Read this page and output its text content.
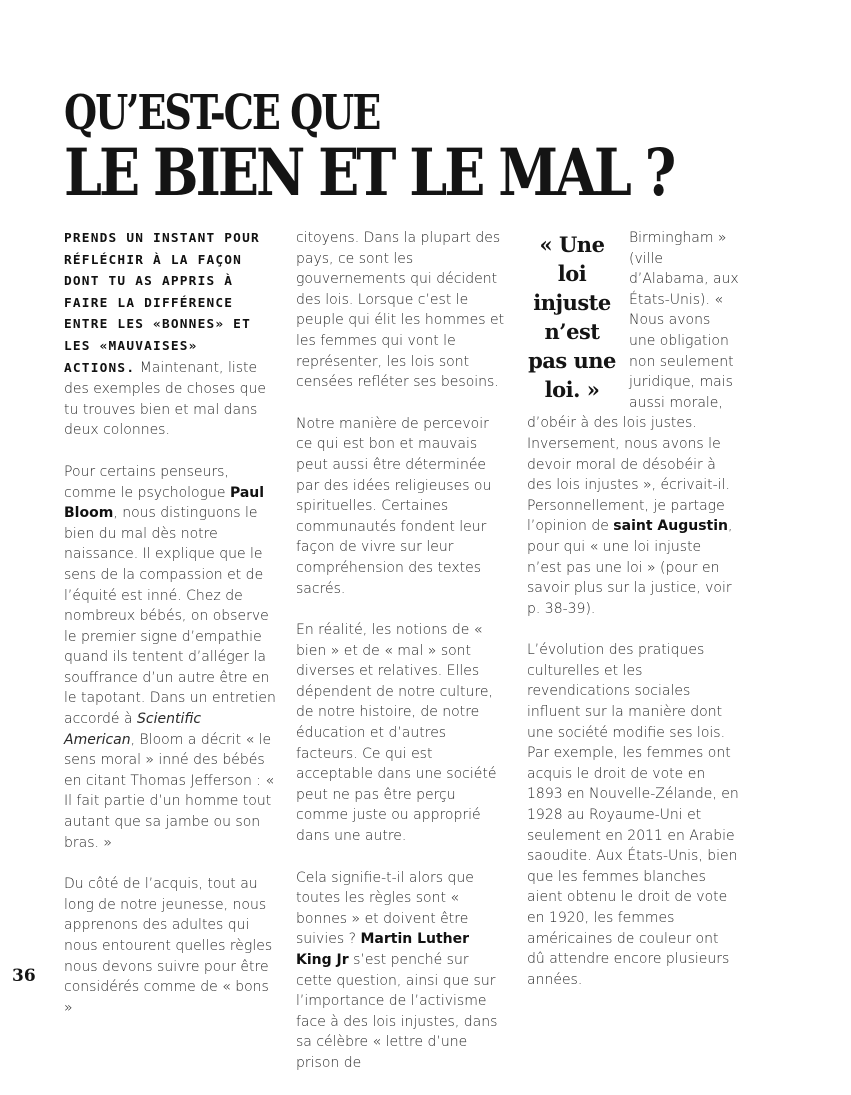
QU’EST-CE QUE
LE BIEN ET LE MAL ?

PRENDS UN INSTANT POUR RÉFLÉCHIR À LA FAÇON DONT TU AS APPRIS À FAIRE LA DIFFÉRENCE ENTRE LES «BONNES» ET LES «MAUVAISES» ACTIONS. Maintenant, liste des exemples de choses que tu trouves bien et mal dans deux colonnes.

Pour certains penseurs, comme le psychologue Paul Bloom, nous distinguons le bien du mal dès notre naissance. Il explique que le sens de la compassion et de l’équité est inné. Chez de nombreux bébés, on observe le premier signe d’empathie quand ils tentent d’alléger la souffrance d’un autre être en le tapotant. Dans un entretien accordé à Scientific American, Bloom a décrit « le sens moral » inné des bébés en citant Thomas Jefferson : « Il fait partie d’un homme tout autant que sa jambe ou son bras. »

Du côté de l’acquis, tout au long de notre jeunesse, nous apprenons des adultes qui nous entourent quelles règles nous devons suivre pour être considérés comme de « bons »

citoyens. Dans la plupart des pays, ce sont les gouvernements qui décident des lois. Lorsque c’est le peuple qui élit les hommes et les femmes qui vont le représenter, les lois sont censées refléter ses besoins.

Notre manière de percevoir ce qui est bon et mauvais peut aussi être déterminée par des idées religieuses ou spirituelles. Certaines communautés fondent leur façon de vivre sur leur compréhension des textes sacrés.

En réalité, les notions de « bien » et de « mal » sont diverses et relatives. Elles dépendent de notre culture, de notre histoire, de notre éducation et d’autres facteurs. Ce qui est acceptable dans une société peut ne pas être perçu comme juste ou approprié dans une autre.

Cela signifie-t-il alors que toutes les règles sont « bonnes » et doivent être suivies ? Martin Luther King Jr s’est penché sur cette question, ainsi que sur l’importance de l’activisme face à des lois injustes, dans sa célèbre « lettre d’une prison de

« Une loi injuste n’est pas une loi. »

Birmingham » (ville d’Alabama, aux États-Unis). « Nous avons une obligation non seulement juridique, mais aussi morale, d’obéir à des lois justes. Inversement, nous avons le devoir moral de désobéir à des lois injustes », écrivait-il. Personnellement, je partage l’opinion de saint Augustin, pour qui « une loi injuste n’est pas une loi » (pour en savoir plus sur la justice, voir p. 38-39).

L’évolution des pratiques culturelles et les revendications sociales influent sur la manière dont une société modifie ses lois. Par exemple, les femmes ont acquis le droit de vote en 1893 en Nouvelle-Zélande, en 1928 au Royaume-Uni et seulement en 2011 en Arabie saoudite. Aux États-Unis, bien que les femmes blanches aient obtenu le droit de vote en 1920, les femmes américaines de couleur ont dû attendre encore plusieurs années.

36
